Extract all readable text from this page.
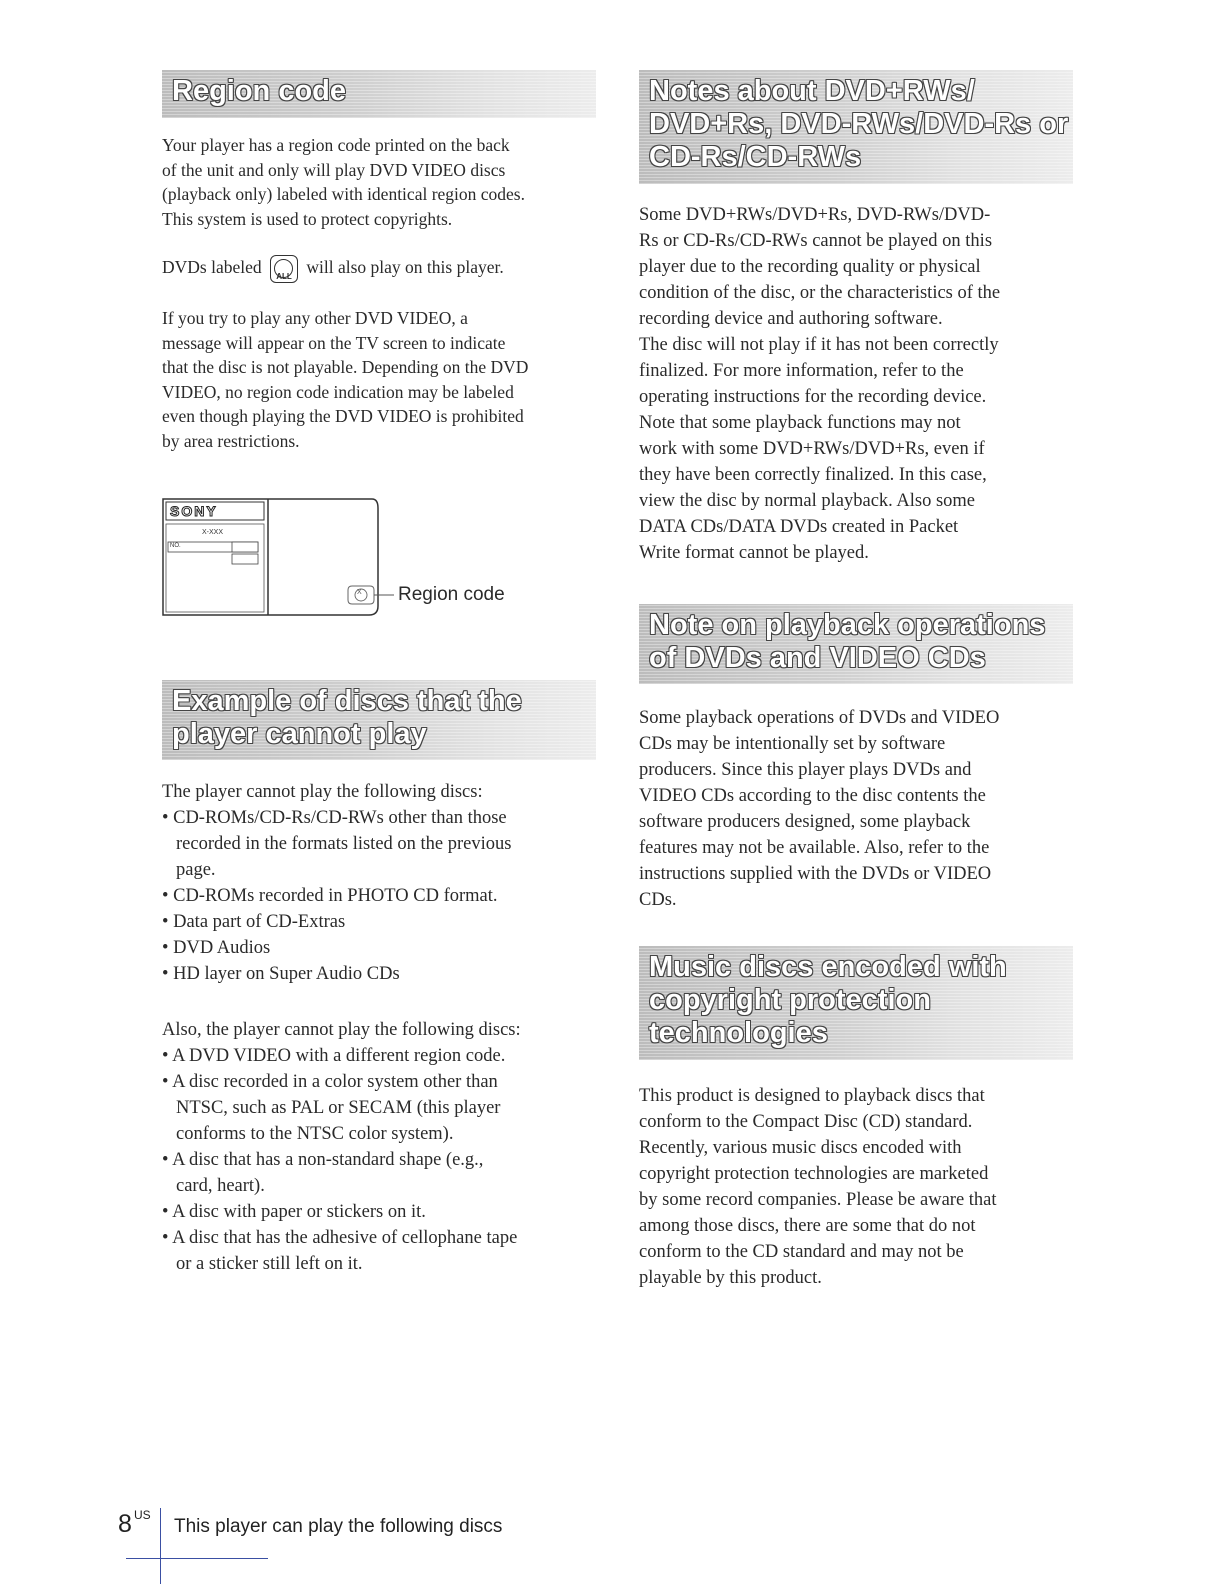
Region code
Your player has a region code printed on the back
of the unit and only will play DVD VIDEO discs
(playback only) labeled with identical region codes.
This system is used to protect copyrights.
DVDs labeled	ALL will also play on this player.
If you try to play any other DVD VIDEO, a
message will appear on the TV screen to indicate
that the disc is not playable. Depending on the DVD
VIDEO, no region code indication may be labeled
even though playing the DVD VIDEO is prohibited
by area restrictions.
SONY
X-XXX
NO.
X Region code
Example of discs that the
player cannot play
The player cannot play the following discs:
• CD-ROMs/CD-Rs/CD-RWs other than those
recorded in the formats listed on the previous
page.
• CD-ROMs recorded in PHOTO CD format.
• Data part of CD-Extras
• DVD Audios
• HD layer on Super Audio CDs
Also, the player cannot play the following discs:
• A DVD VIDEO with a different region code.
• A disc recorded in a color system other than
NTSC, such as PAL or SECAM (this player
conforms to the NTSC color system).
• A disc that has a non-standard shape (e.g.,
card, heart).
• A disc with paper or stickers on it.
• A disc that has the adhesive of cellophane tape
or a sticker still left on it.
Notes about DVD+RWs/
DVD+Rs, DVD-RWs/DVD-Rs or
CD-Rs/CD-RWs
Some DVD+RWs/DVD+Rs, DVD-RWs/DVD-
Rs or CD-Rs/CD-RWs cannot be played on this
player due to the recording quality or physical
condition of the disc, or the characteristics of the
recording device and authoring software.
The disc will not play if it has not been correctly
finalized. For more information, refer to the
operating instructions for the recording device.
Note that some playback functions may not
work with some DVD+RWs/DVD+Rs, even if
they have been correctly finalized. In this case,
view the disc by normal playback. Also some
DATA CDs/DATA DVDs created in Packet
Write format cannot be played.
Note on playback operations
of DVDs and VIDEO CDs
Some playback operations of DVDs and VIDEO
CDs may be intentionally set by software
producers. Since this player plays DVDs and
VIDEO CDs according to the disc contents the
software producers designed, some playback
features may not be available. Also, refer to the
instructions supplied with the DVDs or VIDEO
CDs.
Music discs encoded with
copyright protection
technologies
This product is designed to playback discs that
conform to the Compact Disc (CD) standard.
Recently, various music discs encoded with
copyright protection technologies are marketed
by some record companies. Please be aware that
among those discs, there are some that do not
conform to the CD standard and may not be
playable by this product.
8 US
This player can play the following discs
